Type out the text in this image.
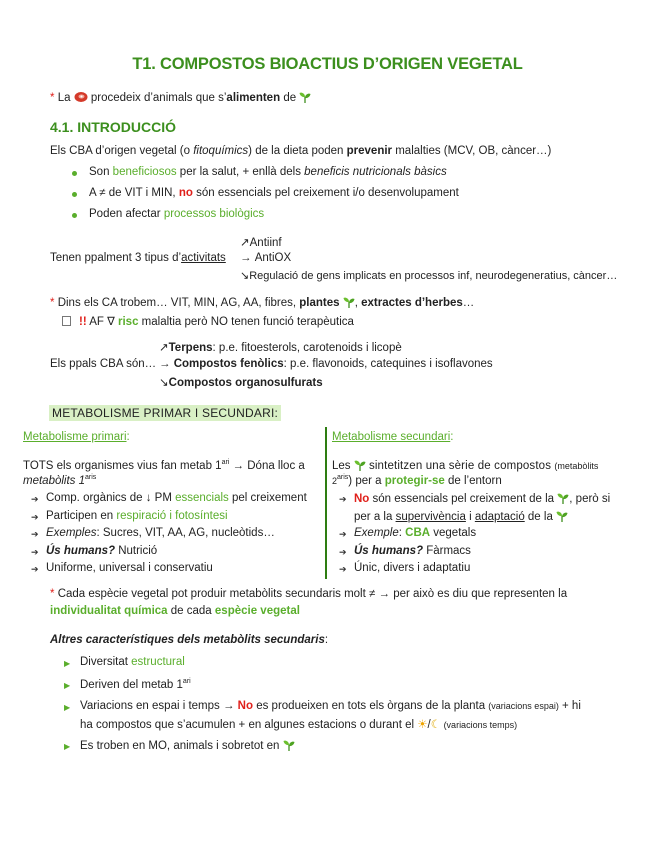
T1. COMPOSTOS BIOACTIUS D’ORIGEN VEGETAL
* La procedeix d’animals que s’alimenten de
4.1. INTRODUCCIÓ
Els CBA d’origen vegetal (o fitoquímics) de la dieta poden prevenir malalties (MCV, OB, càncer…)
Son beneficiosos per la salut, + enllà dels beneficis nutricionals bàsics
A ≠ de VIT i MIN, no són essencials pel creixement i/o desenvolupament
Poden afectar processos biològics
Tenen ppalment 3 tipus d’activitats
↗Antiinf
→ AntiOX
↘Regulació de gens implicats en processos inf, neurodegeneratius, càncer…
* Dins els CA trobem… VIT, MIN, AG, AA, fibres, plantes , extractes d’herbes…
!! AF ∇ risc malaltia però NO tenen funció terapèutica
Els ppals CBA són…
↗Terpens: p.e. fitoesterols, carotenoids i licopè
→ Compostos fenòlics: p.e. flavonoids, catequines i isoflavones
↘Compostos organosulfurats
METABOLISME PRIMAR I SECUNDARI:
Metabolisme primari:
TOTS els organismes vius fan metab $1^{ari}$ → Dóna lloc a
metabòlits $1^{aris}$
➔ Comp. orgànics de ↓ PM essencials pel creixement
➔ Participen en respiració i fotosíntesi
➔ Exemples: Sucres, VIT, AA, AG, nucleòtids…
➔ Ús humans? Nutrició
➔ Uniforme, universal i conservatiu
Metabolisme secundari:
Les sintetitzen una sèrie de compostos (metabòlits
$2^{aris}$) per a protegir-se de l’entorn
➔ No són essencials pel creixement de la , però si
per a la supervivència i adaptació de la
➔ Exemple: CBA vegetals
➔ Ús humans? Fàrmacs
➔ Únic, divers i adaptatiu
* Cada espècie vegetal pot produir metabòlits secundaris molt ≠ → per això es diu que representen la
individualitat química de cada espècie vegetal
Altres característiques dels metabòlits secundaris:
▶ Diversitat estructural
▶ Deriven del metab $1^{ari}$
▶ Variacions en espai i temps → No es produeixen en tots els òrgans de la planta (variacions espai) + hi
ha compostos que s’acumulen + en algunes estacions o durant el ☀/☾ (variacions temps)
▶ Es troben en MO, animals i sobretot en
